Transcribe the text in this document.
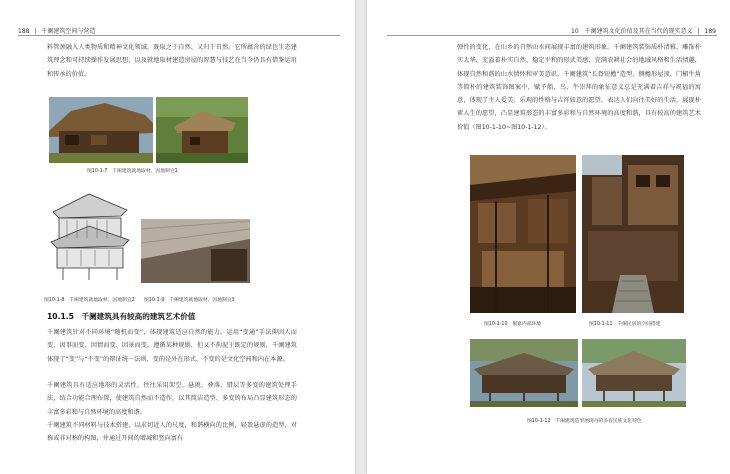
188 | 千阑建筑空间与营造
料管颈融入人类物质和精神文化领域，既取之于自然、又归于自然。它所蕴含的绿色生态建筑理念和可持续操作发展思想，以及就地取材建造房屋的智慧与技艺在当今仍具有借鉴运用和传承的价值。
图10-1-7　千阑建筑就地取材、因地制宜1
图10-1-8　千阑建筑就地取材、因地制宜2 图10-1-9　千阑建筑就地取材、因地制宜3
10.1.5　千阑建筑具有较高的建筑艺术价值
千阑建筑针对不同环境“随机而变”，体现建筑适应自然的能力，运用“变通”手法抑因人而变、因事而变、因情而变、因景而变，遵循某种规则，但又不拘泥于既定的规则，千阑建筑体现了“变”与“不变”的辩证统一法则，变的是外在形式，不变的是文化空间和内在本源。
千阑建筑具有适应地形的灵活性，往往采用架空、悬挑、叠落、错层等多变的建筑处理手法，结合功能合理布置，使建筑自然而不造作，以其简洁造型、多变的布局凸显建筑形态的丰富多彩和与自然环境的高度和谐。
千阑建筑不同材料与技术搭建，以求切近人的尺度，和谐横向的比例，轻盈悬虚的造型，对称或非对称的构图，并通过开间的增减和竖向富有
10　千阑建筑文化价值及其在当代的现实意义 | 189
弹性的变化，在山乡的自然山水间展现丰富的建筑形象。千阑建筑装饰质朴清雅，雕饰朴实大华，充溢着朴实自然、稳定平和的形式美感，充满农耕社会的地域风格和生活情趣，体现自然和谐的山水情怀和审美意识。千阑建筑“长脊短檐”造型、侧檐形屋顶、门楣牛角等简朴的建筑装饰图案中，赋予船、鸟、牛崇拜的象征意义总是充满着吉祥与祝福的寓意，体现了主人爱美、乐观的性格与吉祥如意的愿望，表达人们向往美好的生活，展现朴素人生的愿望，凸显建筑形态的丰富多彩和与自然环境的高度和谐，具有较高的建筑艺术价值（图10-1-10~图10-1-12）。
图10-1-10　侗寨内部环境	图10-1-11　千阑民居的空间搭建
图10-1-12　千阑建筑造型展现丹阶多有民族文化特色
